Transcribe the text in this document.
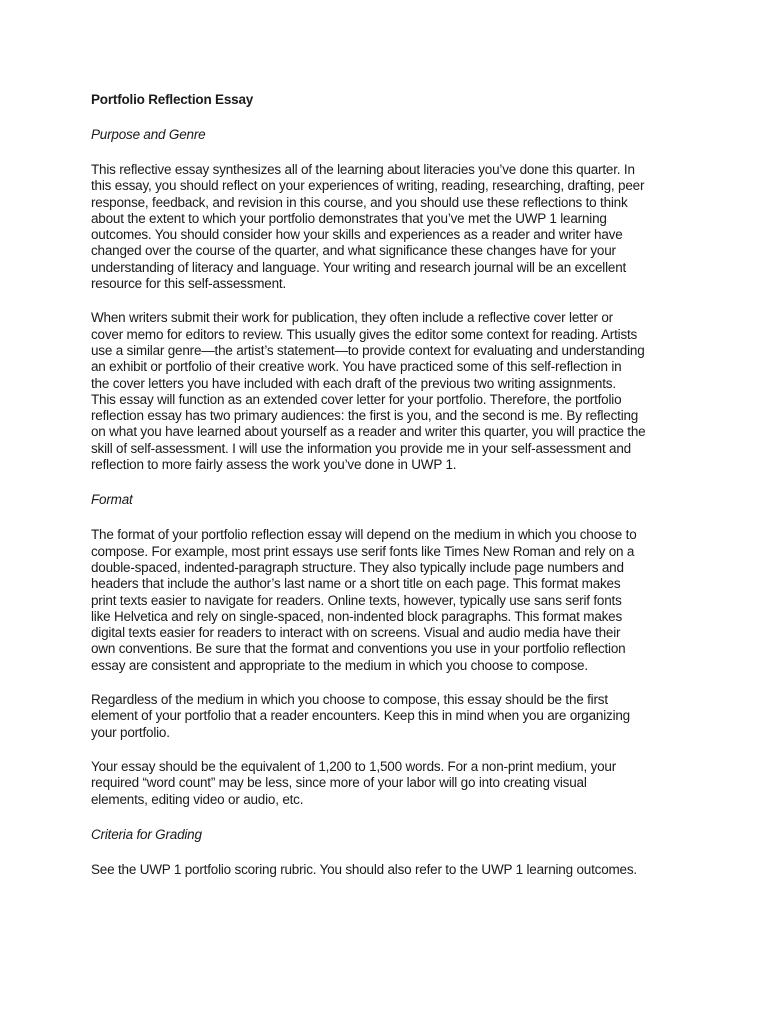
Portfolio Reflection Essay
Purpose and Genre

This reflective essay synthesizes all of the learning about literacies you’ve done this quarter. In
this essay, you should reflect on your experiences of writing, reading, researching, drafting, peer
response, feedback, and revision in this course, and you should use these reflections to think
about the extent to which your portfolio demonstrates that you’ve met the UWP 1 learning
outcomes. You should consider how your skills and experiences as a reader and writer have
changed over the course of the quarter, and what significance these changes have for your
understanding of literacy and language. Your writing and research journal will be an excellent
resource for this self-assessment.

When writers submit their work for publication, they often include a reflective cover letter or
cover memo for editors to review. This usually gives the editor some context for reading. Artists
use a similar genre—the artist’s statement—to provide context for evaluating and understanding
an exhibit or portfolio of their creative work. You have practiced some of this self-reflection in
the cover letters you have included with each draft of the previous two writing assignments.
This essay will function as an extended cover letter for your portfolio. Therefore, the portfolio
reflection essay has two primary audiences: the first is you, and the second is me. By reflecting
on what you have learned about yourself as a reader and writer this quarter, you will practice the
skill of self-assessment. I will use the information you provide me in your self-assessment and
reflection to more fairly assess the work you’ve done in UWP 1.

Format

The format of your portfolio reflection essay will depend on the medium in which you choose to
compose. For example, most print essays use serif fonts like Times New Roman and rely on a
double-spaced, indented-paragraph structure. They also typically include page numbers and
headers that include the author’s last name or a short title on each page. This format makes
print texts easier to navigate for readers. Online texts, however, typically use sans serif fonts
like Helvetica and rely on single-spaced, non-indented block paragraphs. This format makes
digital texts easier for readers to interact with on screens. Visual and audio media have their
own conventions. Be sure that the format and conventions you use in your portfolio reflection
essay are consistent and appropriate to the medium in which you choose to compose.

Regardless of the medium in which you choose to compose, this essay should be the first
element of your portfolio that a reader encounters. Keep this in mind when you are organizing
your portfolio.

Your essay should be the equivalent of 1,200 to 1,500 words. For a non-print medium, your
required “word count” may be less, since more of your labor will go into creating visual
elements, editing video or audio, etc.

Criteria for Grading

See the UWP 1 portfolio scoring rubric. You should also refer to the UWP 1 learning outcomes.
